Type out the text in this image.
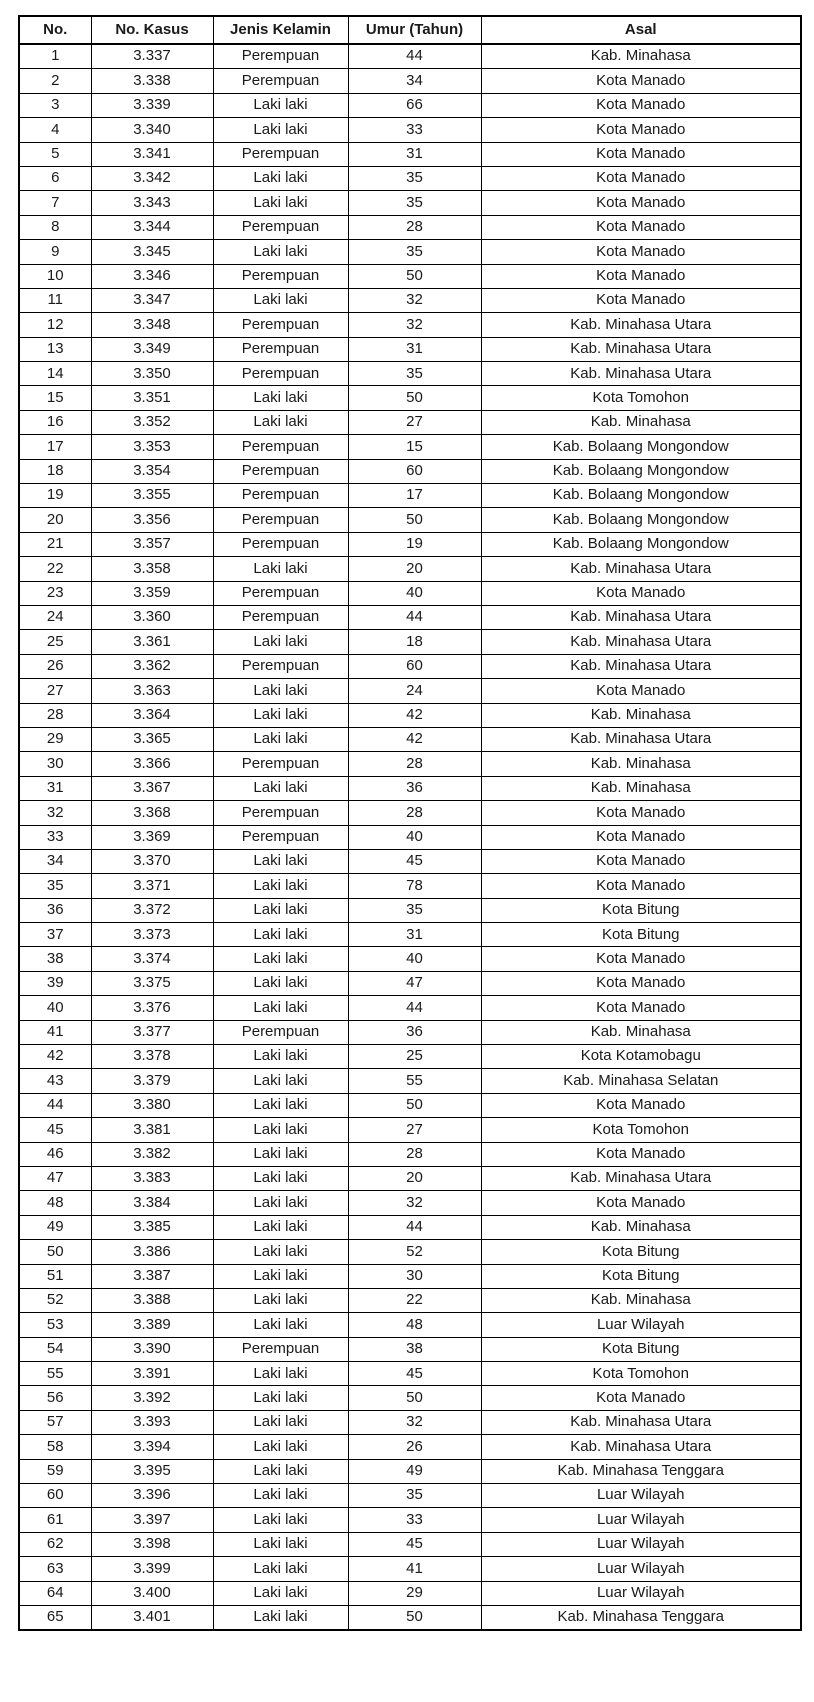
No.	No. Kasus	Jenis Kelamin	Umur (Tahun)	Asal
1	3.337	Perempuan	44	Kab. Minahasa
2	3.338	Perempuan	34	Kota Manado
3	3.339	Laki laki	66	Kota Manado
4	3.340	Laki laki	33	Kota Manado
5	3.341	Perempuan	31	Kota Manado
6	3.342	Laki laki	35	Kota Manado
7	3.343	Laki laki	35	Kota Manado
8	3.344	Perempuan	28	Kota Manado
9	3.345	Laki laki	35	Kota Manado
10	3.346	Perempuan	50	Kota Manado
11	3.347	Laki laki	32	Kota Manado
12	3.348	Perempuan	32	Kab. Minahasa Utara
13	3.349	Perempuan	31	Kab. Minahasa Utara
14	3.350	Perempuan	35	Kab. Minahasa Utara
15	3.351	Laki laki	50	Kota Tomohon
16	3.352	Laki laki	27	Kab. Minahasa
17	3.353	Perempuan	15	Kab. Bolaang Mongondow
18	3.354	Perempuan	60	Kab. Bolaang Mongondow
19	3.355	Perempuan	17	Kab. Bolaang Mongondow
20	3.356	Perempuan	50	Kab. Bolaang Mongondow
21	3.357	Perempuan	19	Kab. Bolaang Mongondow
22	3.358	Laki laki	20	Kab. Minahasa Utara
23	3.359	Perempuan	40	Kota Manado
24	3.360	Perempuan	44	Kab. Minahasa Utara
25	3.361	Laki laki	18	Kab. Minahasa Utara
26	3.362	Perempuan	60	Kab. Minahasa Utara
27	3.363	Laki laki	24	Kota Manado
28	3.364	Laki laki	42	Kab. Minahasa
29	3.365	Laki laki	42	Kab. Minahasa Utara
30	3.366	Perempuan	28	Kab. Minahasa
31	3.367	Laki laki	36	Kab. Minahasa
32	3.368	Perempuan	28	Kota Manado
33	3.369	Perempuan	40	Kota Manado
34	3.370	Laki laki	45	Kota Manado
35	3.371	Laki laki	78	Kota Manado
36	3.372	Laki laki	35	Kota Bitung
37	3.373	Laki laki	31	Kota Bitung
38	3.374	Laki laki	40	Kota Manado
39	3.375	Laki laki	47	Kota Manado
40	3.376	Laki laki	44	Kota Manado
41	3.377	Perempuan	36	Kab. Minahasa
42	3.378	Laki laki	25	Kota Kotamobagu
43	3.379	Laki laki	55	Kab. Minahasa Selatan
44	3.380	Laki laki	50	Kota Manado
45	3.381	Laki laki	27	Kota Tomohon
46	3.382	Laki laki	28	Kota Manado
47	3.383	Laki laki	20	Kab. Minahasa Utara
48	3.384	Laki laki	32	Kota Manado
49	3.385	Laki laki	44	Kab. Minahasa
50	3.386	Laki laki	52	Kota Bitung
51	3.387	Laki laki	30	Kota Bitung
52	3.388	Laki laki	22	Kab. Minahasa
53	3.389	Laki laki	48	Luar Wilayah
54	3.390	Perempuan	38	Kota Bitung
55	3.391	Laki laki	45	Kota Tomohon
56	3.392	Laki laki	50	Kota Manado
57	3.393	Laki laki	32	Kab. Minahasa Utara
58	3.394	Laki laki	26	Kab. Minahasa Utara
59	3.395	Laki laki	49	Kab. Minahasa Tenggara
60	3.396	Laki laki	35	Luar Wilayah
61	3.397	Laki laki	33	Luar Wilayah
62	3.398	Laki laki	45	Luar Wilayah
63	3.399	Laki laki	41	Luar Wilayah
64	3.400	Laki laki	29	Luar Wilayah
65	3.401	Laki laki	50	Kab. Minahasa Tenggara
